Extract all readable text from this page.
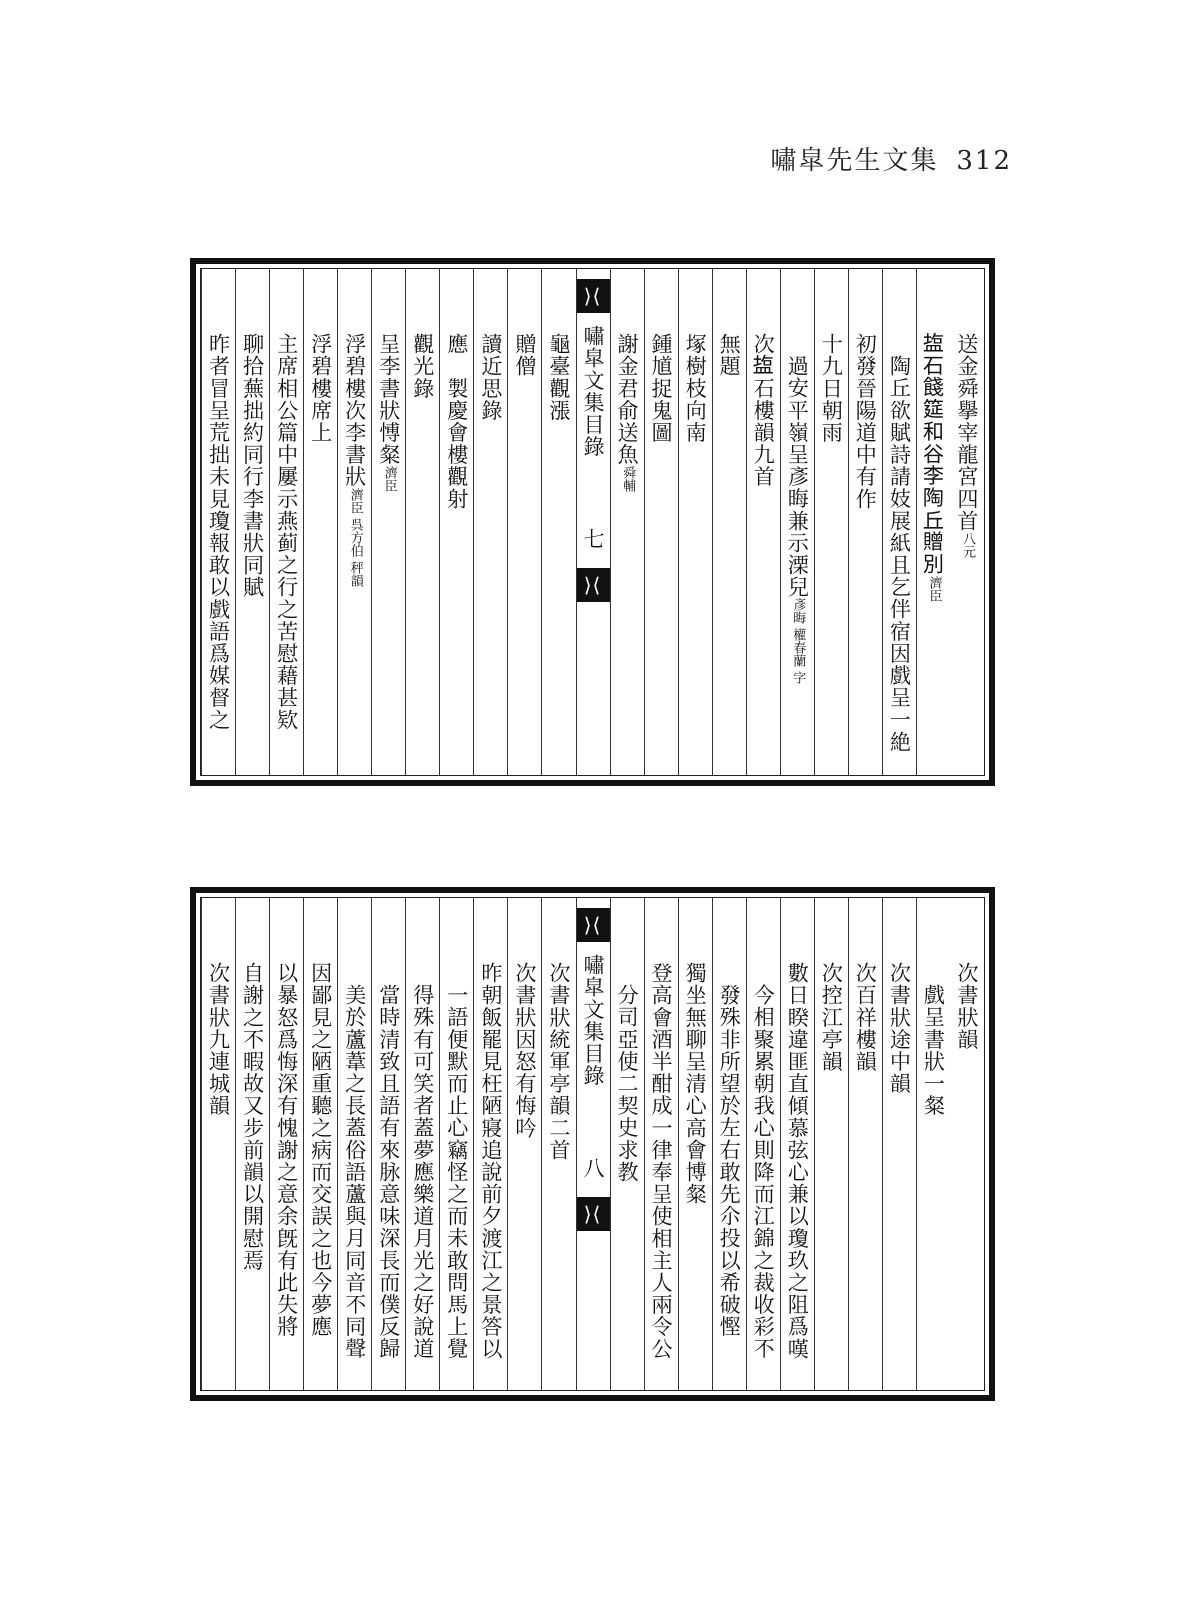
嘯皐先生文集 312
送金舜擧宰龍宮四首
八元
𥂁石餞筵和谷李陶丘贈別
濟臣
陶丘欲賦詩請妓展紙且乞伴宿因戲呈一絶
初發晉陽道中有作
十九日朝雨
過安平嶺呈彥晦兼示溧兒
彥晦 權春蘭 字
次𥂁石樓韻九首
無題
塚樹枝向南
鍾馗捉鬼圖
謝金君俞送魚
舜輔
⟩⟨
嘯皐文集目錄
七
⟩⟨
龜臺觀漲
贈僧
讀近思錄
應　製慶會樓觀射
觀光錄
呈李書狀愽粲
濟臣
浮碧樓次李書狀
濟臣 呉方伯 秤韻
浮碧樓席上
主席相公篇中屢示燕蓟之行之苦慰藉甚欵
聊拾蕪拙約同行李書狀同賦
昨者冒呈荒拙未見瓊報敢以戲語爲媒督之
次書狀韻
戲呈書狀一粲
次書狀途中韻
次百祥樓韻
次控江亭韻
數日睽違匪直傾慕弦心兼以瓊玖之阻爲嘆
今相聚累朝我心則降而江錦之裁收彩不
發殊非所望於左右敢先尒投以希破慳
獨坐無聊呈清心高會博粲
登高會酒半酣成一律奉呈使相主人兩令公
分司亞使二契史求教
⟩⟨
嘯皐文集目錄
八
⟩⟨
次書狀統軍亭韻二首
次書狀因怒有悔吟
昨朝飯罷見枉陋寢追說前夕渡江之景答以
一語便默而止心竊怪之而未敢問馬上覺
得殊有可笑者蓋夢應樂道月光之好說道
當時清致且語有來脉意味深長而僕反歸
美於蘆葦之長蓋俗語蘆與月同音不同聲
因鄙見之陋重聽之病而交誤之也今夢應
以暴怒爲悔深有愧謝之意余旣有此失將
自謝之不暇故又步前韻以開慰焉
次書狀九連城韻
